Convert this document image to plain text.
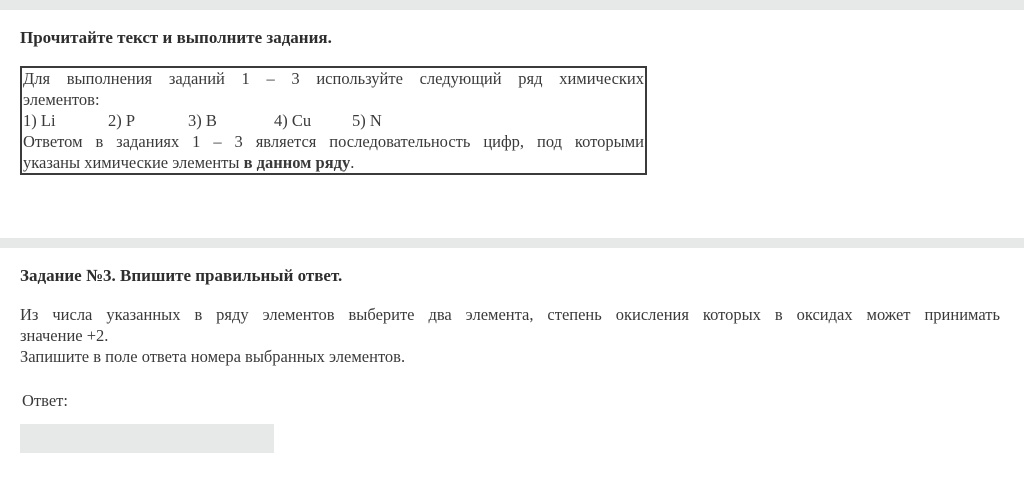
Прочитайте текст и выполните задания.

Для выполнения заданий 1 – 3 используйте следующий ряд химических
элементов:
1) Li	2) P	3) B	4) Cu	5) N
Ответом в заданиях 1 – 3 является последовательность цифр, под которыми
указаны химические элементы в данном ряду.

Задание №3. Впишите правильный ответ.

Из числа указанных в ряду элементов выберите два элемента, степень окисления которых в оксидах может принимать
значение +2.
Запишите в поле ответа номера выбранных элементов.
Ответ:
